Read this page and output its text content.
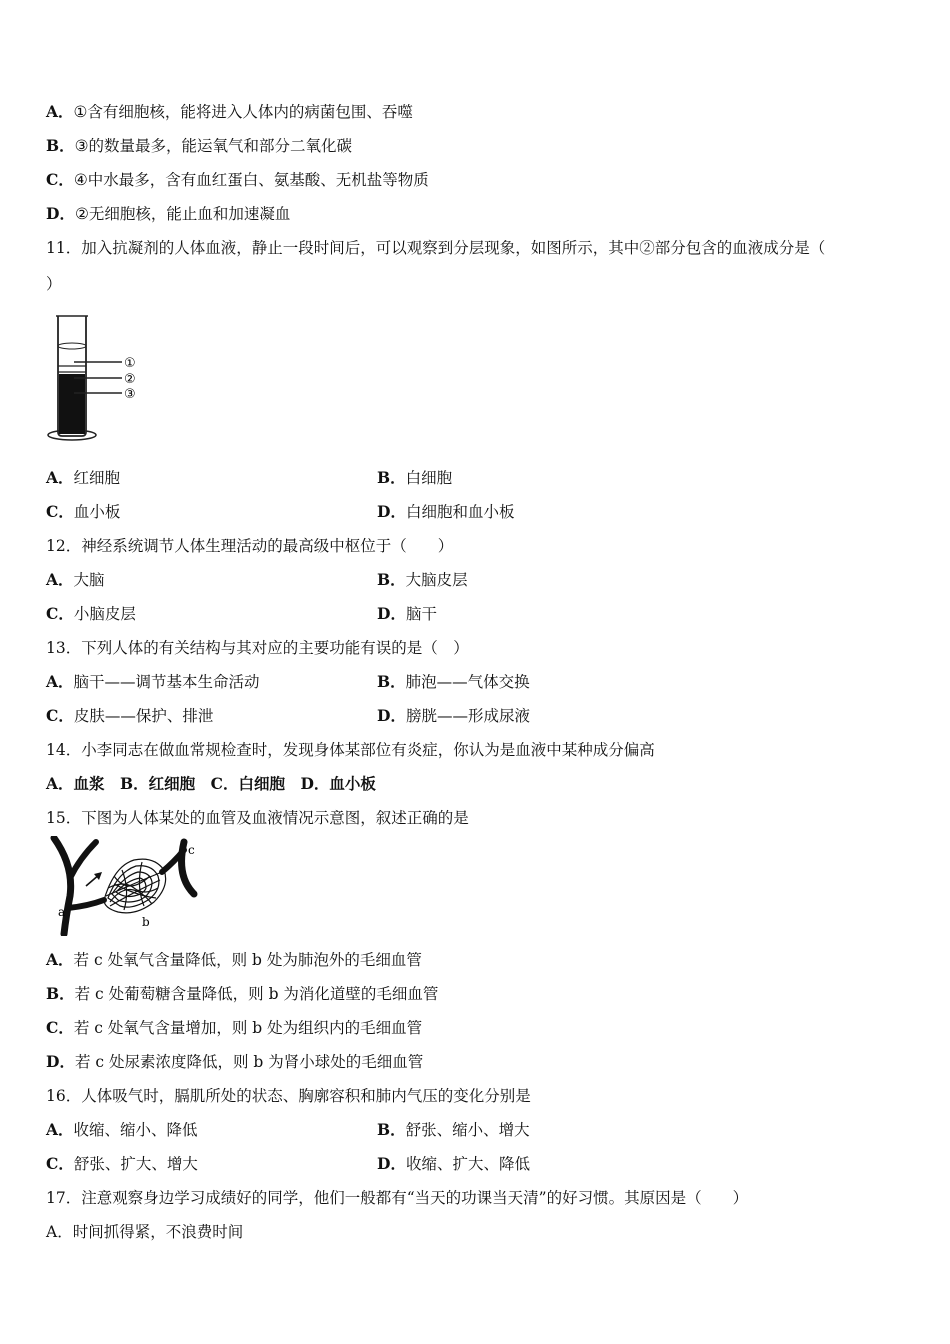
A．①含有细胞核，能将进入人体内的病菌包围、吞噬
B．③的数量最多，能运氧气和部分二氧化碳
C．④中水最多，含有血红蛋白、氨基酸、无机盐等物质
D．②无细胞核，能止血和加速凝血
11．加入抗凝剂的人体血液，静止一段时间后，可以观察到分层现象，如图所示，其中②部分包含的血液成分是（
）
①
②
③
A．红细胞	B．白细胞
C．血小板	D．白细胞和血小板
12．神经系统调节人体生理活动的最高级中枢位于（　　）
A．大脑	B．大脑皮层
C．小脑皮层	D．脑干
13．下列人体的有关结构与其对应的主要功能有误的是（　）
A．脑干——调节基本生命活动	B．肺泡——气体交换
C．皮肤——保护、排泄	D．膀胱——形成尿液
14．小李同志在做血常规检查时，发现身体某部位有炎症，你认为是血液中某种成分偏高
A．血浆　B．红细胞　C．白细胞　D．血小板
15．下图为人体某处的血管及血液情况示意图，叙述正确的是
a
b
c
A．若 c 处氧气含量降低，则 b 处为肺泡外的毛细血管
B．若 c 处葡萄糖含量降低，则 b 为消化道壁的毛细血管
C．若 c 处氧气含量增加，则 b 处为组织内的毛细血管
D．若 c 处尿素浓度降低，则 b 为肾小球处的毛细血管
16．人体吸气时，膈肌所处的状态、胸廓容积和肺内气压的变化分别是
A．收缩、缩小、降低	B．舒张、缩小、增大
C．舒张、扩大、增大	D．收缩、扩大、降低
17．注意观察身边学习成绩好的同学，他们一般都有“当天的功课当天清”的好习惯。其原因是（　　）
A．时间抓得紧，不浪费时间
